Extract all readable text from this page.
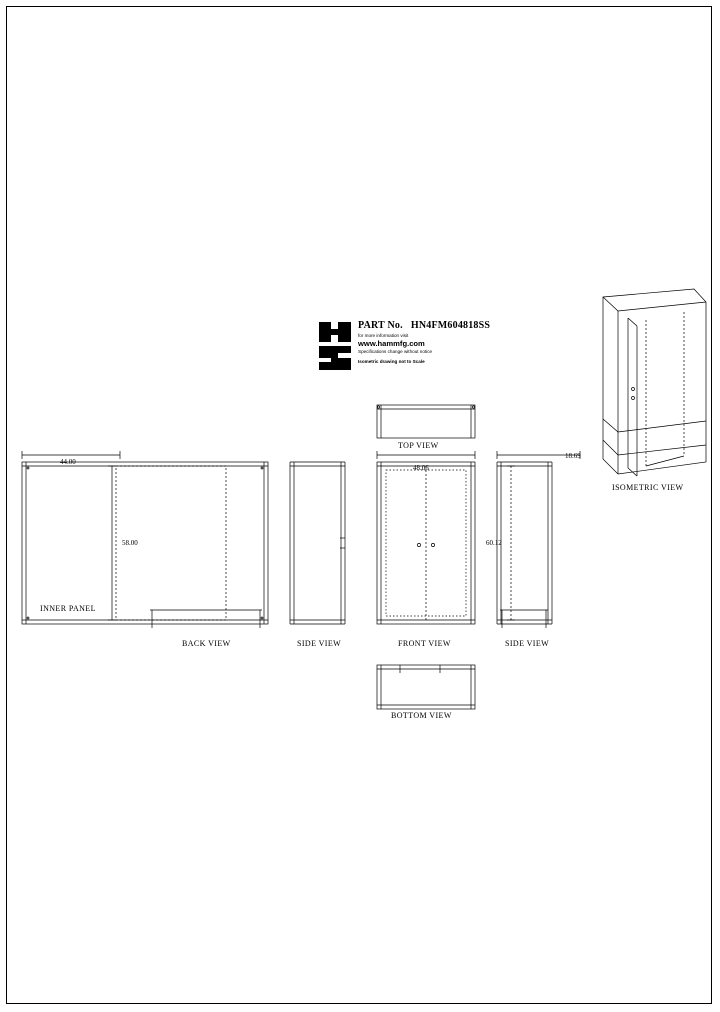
PART No. HN4FM604818SS
for more information visit
www.hammfg.com
Specifications change without notice
Isometric drawing not to Scale
TOP VIEW
BACK VIEW	SIDE VIEW	FRONT VIEW	SIDE VIEW
BOTTOM VIEW
ISOMETRIC VIEW
INNER PANEL
44.00
58.00
48.06
60.12
18.69
